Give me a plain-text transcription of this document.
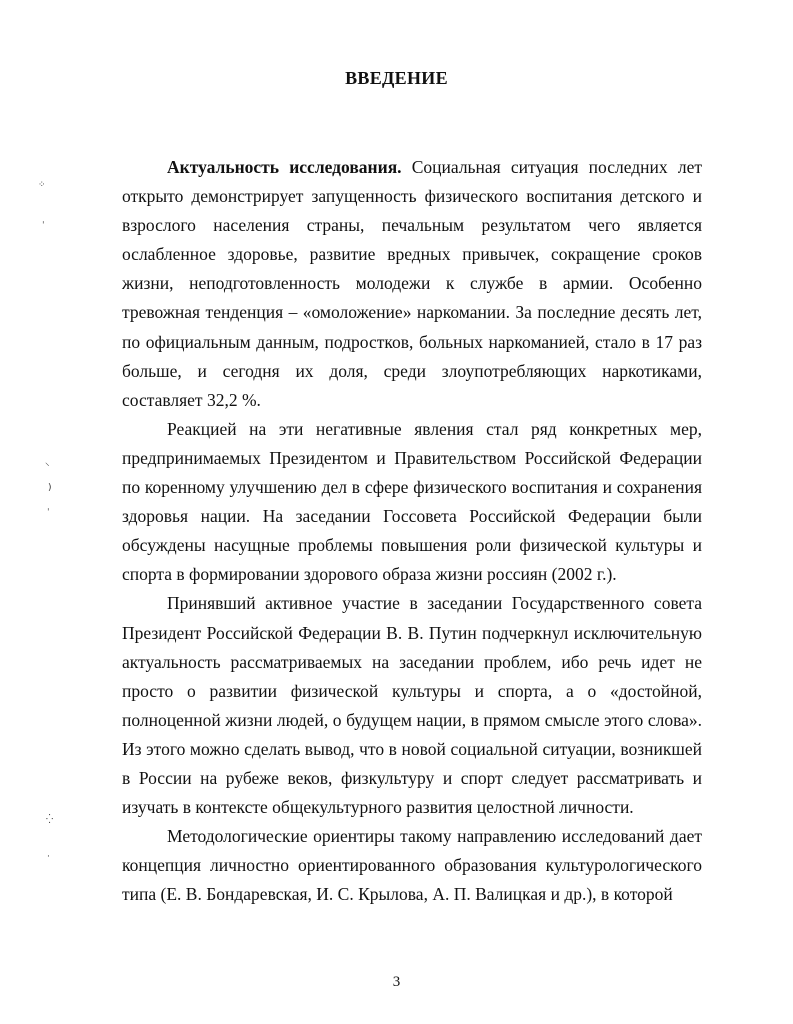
ВВЕДЕНИЕ

Актуальность исследования. Социальная ситуация последних лет открыто демонстрирует запущенность физического воспитания детского и взрослого населения страны, печальным результатом чего является ослабленное здоровье, развитие вредных привычек, сокращение сроков жизни, неподготовленность молодежи к службе в армии. Особенно тревожная тенденция – «омоложение» наркомании. За последние десять лет, по официальным данным, подростков, больных наркоманией, стало в 17 раз больше, и сегодня их доля, среди злоупотребляющих наркотиками, составляет 32,2 %.

Реакцией на эти негативные явления стал ряд конкретных мер, предпринимаемых Президентом и Правительством Российской Федерации по коренному улучшению дел в сфере физического воспитания и сохранения здоровья нации. На заседании Госсовета Российской Федерации были обсуждены насущные проблемы повышения роли физической культуры и спорта в формировании здорового образа жизни россиян (2002 г.).

Принявший активное участие в заседании Государственного совета Президент Российской Федерации В. В. Путин подчеркнул исключительную актуальность рассматриваемых на заседании проблем, ибо речь идет не просто о развитии физической культуры и спорта, а о «достойной, полноценной жизни людей, о будущем нации, в прямом смысле этого слова». Из этого можно сделать вывод, что в новой социальной ситуации, возникшей в России на рубеже веков, физкультуру и спорт следует рассматривать и изучать в контексте общекультурного развития целостной личности.

Методологические ориентиры такому направлению исследований дает концепция личностно ориентированного образования культурологического типа (Е. В. Бондаревская, И. С. Крылова, А. П. Валицкая и др.), в которой

3
⁘
ˈ
⸌
)
ˌ
⁛
·
